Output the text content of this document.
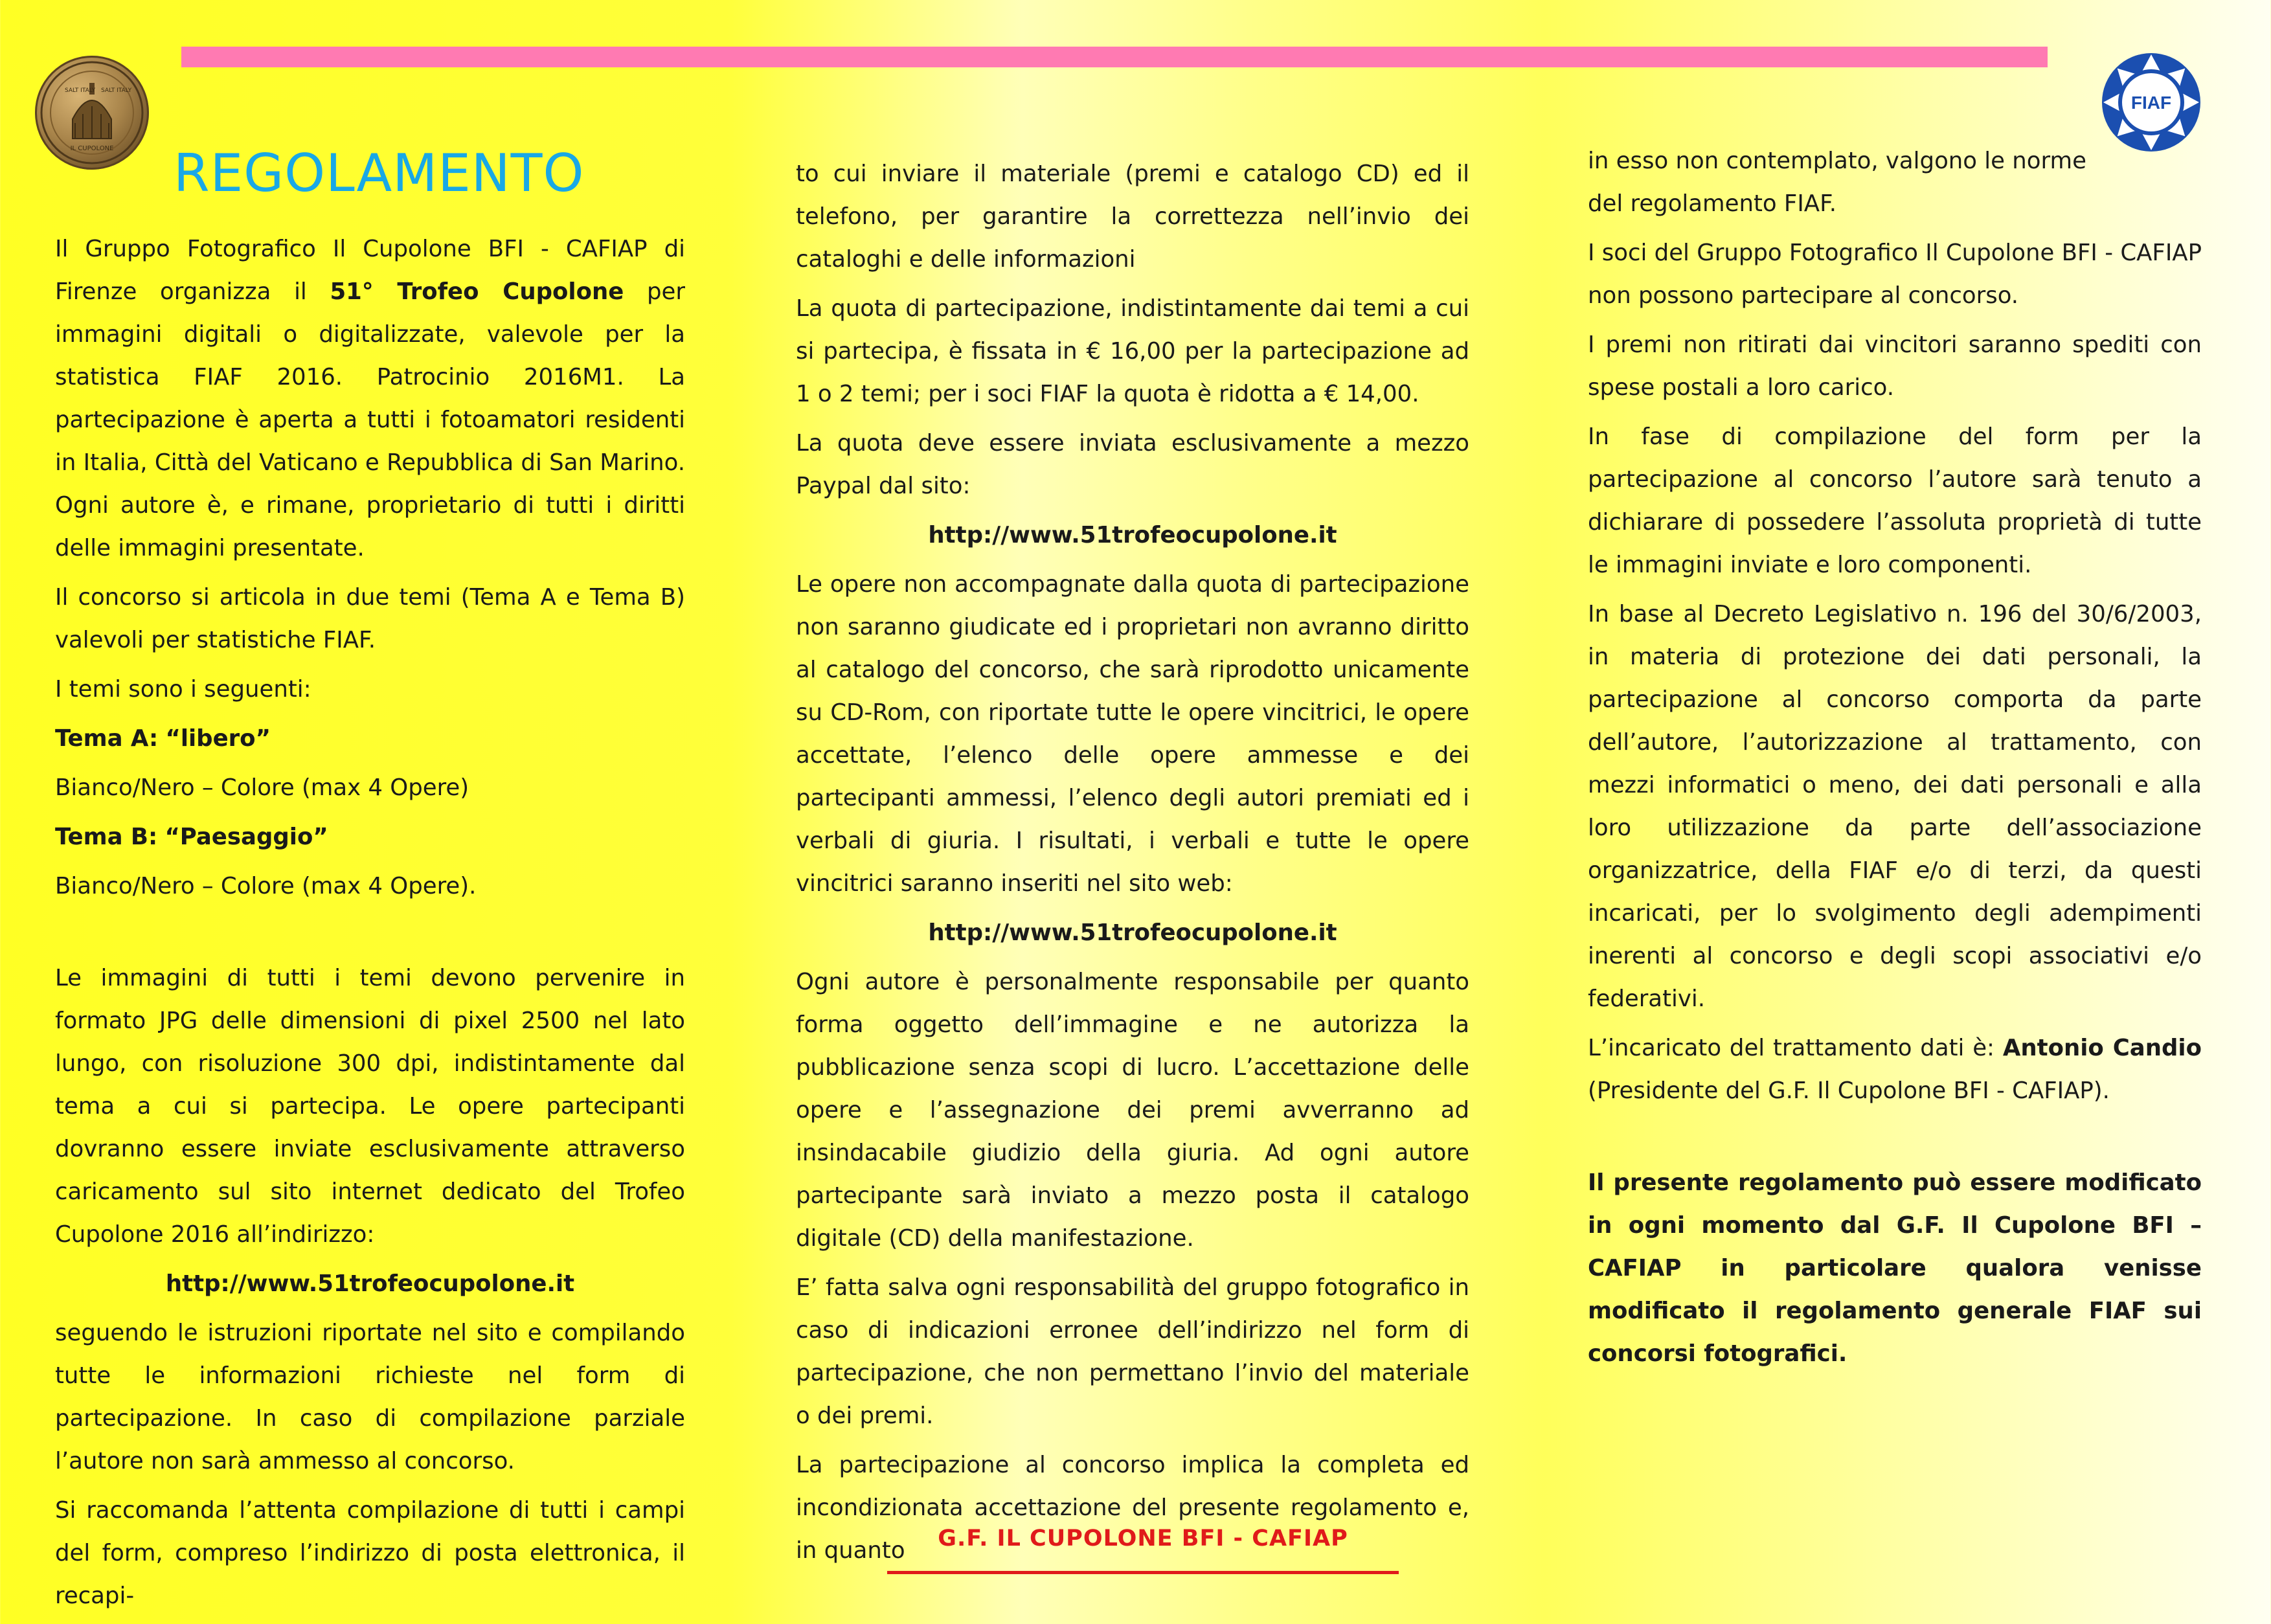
SALT ITALY SALT ITALY
IL CUPOLONE
FIAF
REGOLAMENTO

Il Gruppo Fotografico Il Cupolone BFI - CAFIAP di Firenze organizza il 51° Trofeo Cupolone per immagini digitali o digitalizzate, valevole per la statistica FIAF 2016. Patrocinio 2016M1. La partecipazione è aperta a tutti i fotoamatori residenti in Italia, Città del Vaticano e Repubblica di San Marino. Ogni autore è, e rimane, proprietario di tutti i diritti delle immagini presentate.

Il concorso si articola in due temi (Tema A e Tema B) valevoli per statistiche FIAF.

I temi sono i seguenti:

Tema A: “libero”

Bianco/Nero – Colore (max 4 Opere)

Tema B: “Paesaggio”

Bianco/Nero – Colore (max 4 Opere).

Le immagini di tutti i temi devono pervenire in formato JPG delle dimensioni di pixel 2500 nel lato lungo, con risoluzione 300 dpi, indistintamente dal tema a cui si partecipa. Le opere partecipanti dovranno essere inviate esclusivamente attraverso caricamento sul sito internet dedicato del Trofeo Cupolone 2016 all’indirizzo:

http://www.51trofeocupolone.it

seguendo le istruzioni riportate nel sito e compilando tutte le informazioni richieste nel form di partecipazione. In caso di compilazione parziale l’autore non sarà ammesso al concorso.

Si raccomanda l’attenta compilazione di tutti i campi del form, compreso l’indirizzo di posta elettronica, il recapi-

to cui inviare il materiale (premi e catalogo CD) ed il telefono, per garantire la correttezza nell’invio dei cataloghi e delle informazioni

La quota di partecipazione, indistintamente dai temi a cui si partecipa, è fissata in € 16,00 per la partecipazione ad 1 o 2 temi; per i soci FIAF la quota è ridotta a € 14,00.

La quota deve essere inviata esclusivamente a mezzo Paypal dal sito:

http://www.51trofeocupolone.it

Le opere non accompagnate dalla quota di partecipazione non saranno giudicate ed i proprietari non avranno diritto al catalogo del concorso, che sarà riprodotto unicamente su CD-Rom, con riportate tutte le opere vincitrici, le opere accettate, l’elenco delle opere ammesse e dei partecipanti ammessi, l’elenco degli autori premiati ed i verbali di giuria. I risultati, i verbali e tutte le opere vincitrici saranno inseriti nel sito web:

http://www.51trofeocupolone.it

Ogni autore è personalmente responsabile per quanto forma oggetto dell’immagine e ne autorizza la pubblicazione senza scopi di lucro. L’accettazione delle opere e l’assegnazione dei premi avverranno ad insindacabile giudizio della giuria. Ad ogni autore partecipante sarà inviato a mezzo posta il catalogo digitale (CD) della manifestazione.

E’ fatta salva ogni responsabilità del gruppo fotografico in caso di indicazioni erronee dell’indirizzo nel form di partecipazione, che non permettano l’invio del materiale o dei premi.

La partecipazione al concorso implica la completa ed incondizionata accettazione del presente regolamento e, in quanto

in esso non contemplato, valgono le norme

del regolamento FIAF.

I soci del Gruppo Fotografico Il Cupolone BFI - CAFIAP non possono partecipare al concorso.

I premi non ritirati dai vincitori saranno spediti con spese postali a loro carico.

In fase di compilazione del form per la partecipazione al concorso l’autore sarà tenuto a dichiarare di possedere l’assoluta proprietà di tutte le immagini inviate e loro componenti.

In base al Decreto Legislativo n. 196 del 30/6/2003, in materia di protezione dei dati personali, la partecipazione al concorso comporta da parte dell’autore, l’autorizzazione al trattamento, con mezzi informatici o meno, dei dati personali e alla loro utilizzazione da parte dell’associazione organizzatrice, della FIAF e/o di terzi, da questi incaricati, per lo svolgimento degli adempimenti inerenti al concorso e degli scopi associativi e/o federativi.

L’incaricato del trattamento dati è: Antonio Candio (Presidente del G.F. Il Cupolone BFI - CAFIAP).

Il presente regolamento può essere modificato in ogni momento dal G.F. Il Cupolone BFI – CAFIAP in particolare qualora venisse modificato il regolamento generale FIAF sui concorsi fotografici.

G.F. IL CUPOLONE BFI - CAFIAP
